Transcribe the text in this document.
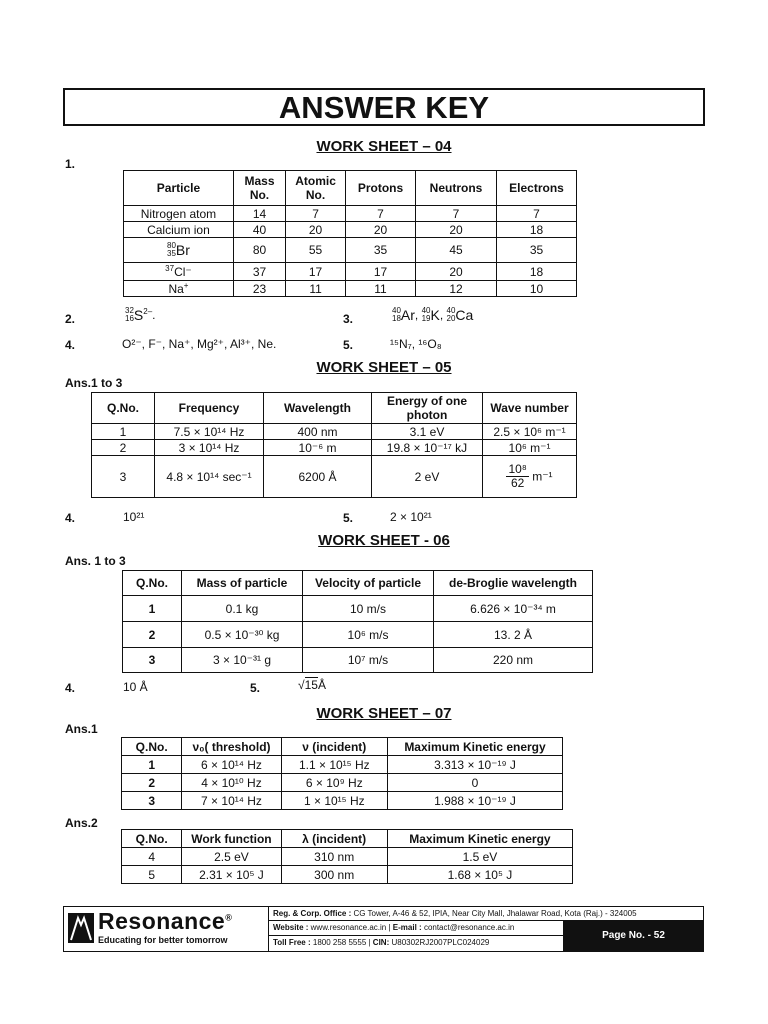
ANSWER KEY
WORK SHEET – 04
1.
Particle	Mass No.	Atomic No.	Protons	Neutrons	Electrons
Nitrogen atom	14	7	7	7	7
Calcium ion	40	20	20	20	18

80
35 Br	80	55	35	45	35
$^{37}$Cl⁻	37	17	17	20	18
Na+	23	11	11	12	10
2.
32
16 $S^{2-}$.	3.
40
18 Ar, 40
19 K, 40
20 Ca
4.	O²⁻, F⁻, Na⁺, Mg²⁺, Al³⁺, Ne.	5.	¹⁵N₇, ¹⁶O₈
WORK SHEET – 05
Ans.1 to 3
Q.No.	Frequency	Wavelength	Energy of one photon	Wave number
1	7.5 × 10¹⁴ Hz	400 nm	3.1 eV	2.5 × 10⁶ m⁻¹
2	3 × 10¹⁴ Hz	10⁻⁶ m	19.8 × 10⁻¹⁷ kJ	10⁶ m⁻¹
3	4.8 × 10¹⁴ sec⁻¹	6200 Å	2 eV	$\frac{\text{10⁸}}{62} m^{-1}$
4.	10²¹	5.	2 × 10²¹
WORK SHEET - 06
Ans. 1 to 3
Q.No.	Mass of particle	Velocity of particle	de-Broglie wavelength
1	0.1 kg	10 m/s	6.626 × 10⁻³⁴ m
2	0.5 × 10⁻³⁰ kg	10⁶ m/s	13. 2 Å
3	3 × 10⁻³¹ g	10⁷ m/s	220 nm
4.	10 Å	5.	√15Å
WORK SHEET – 07
Ans.1
Q.No.	ν₀( threshold)	ν (incident)	Maximum Kinetic energy
1	6 × 10¹⁴ Hz	1.1 × 10¹⁵ Hz	3.313 × 10⁻¹⁹ J
2	4 × 10¹⁰ Hz	6 × 10⁹ Hz	0
3	7 × 10¹⁴ Hz	1 × 10¹⁵ Hz	1.988 × 10⁻¹⁹ J
Ans.2
Q.No.	Work function	λ (incident)	Maximum Kinetic energy
4	2.5 eV	310 nm	1.5 eV
5	2.31 × 10⁵ J	300 nm	1.68 × 10⁵ J
Resonance®
Educating for better tomorrow
Reg. & Corp. Office : CG Tower, A-46 & 52, IPIA, Near City Mall, Jhalawar Road, Kota (Raj.) - 324005
Website : www.resonance.ac.in | E-mail : contact@resonance.ac.in
Toll Free : 1800 258 5555 | CIN: U80302RJ2007PLC024029
Page No. - 52
